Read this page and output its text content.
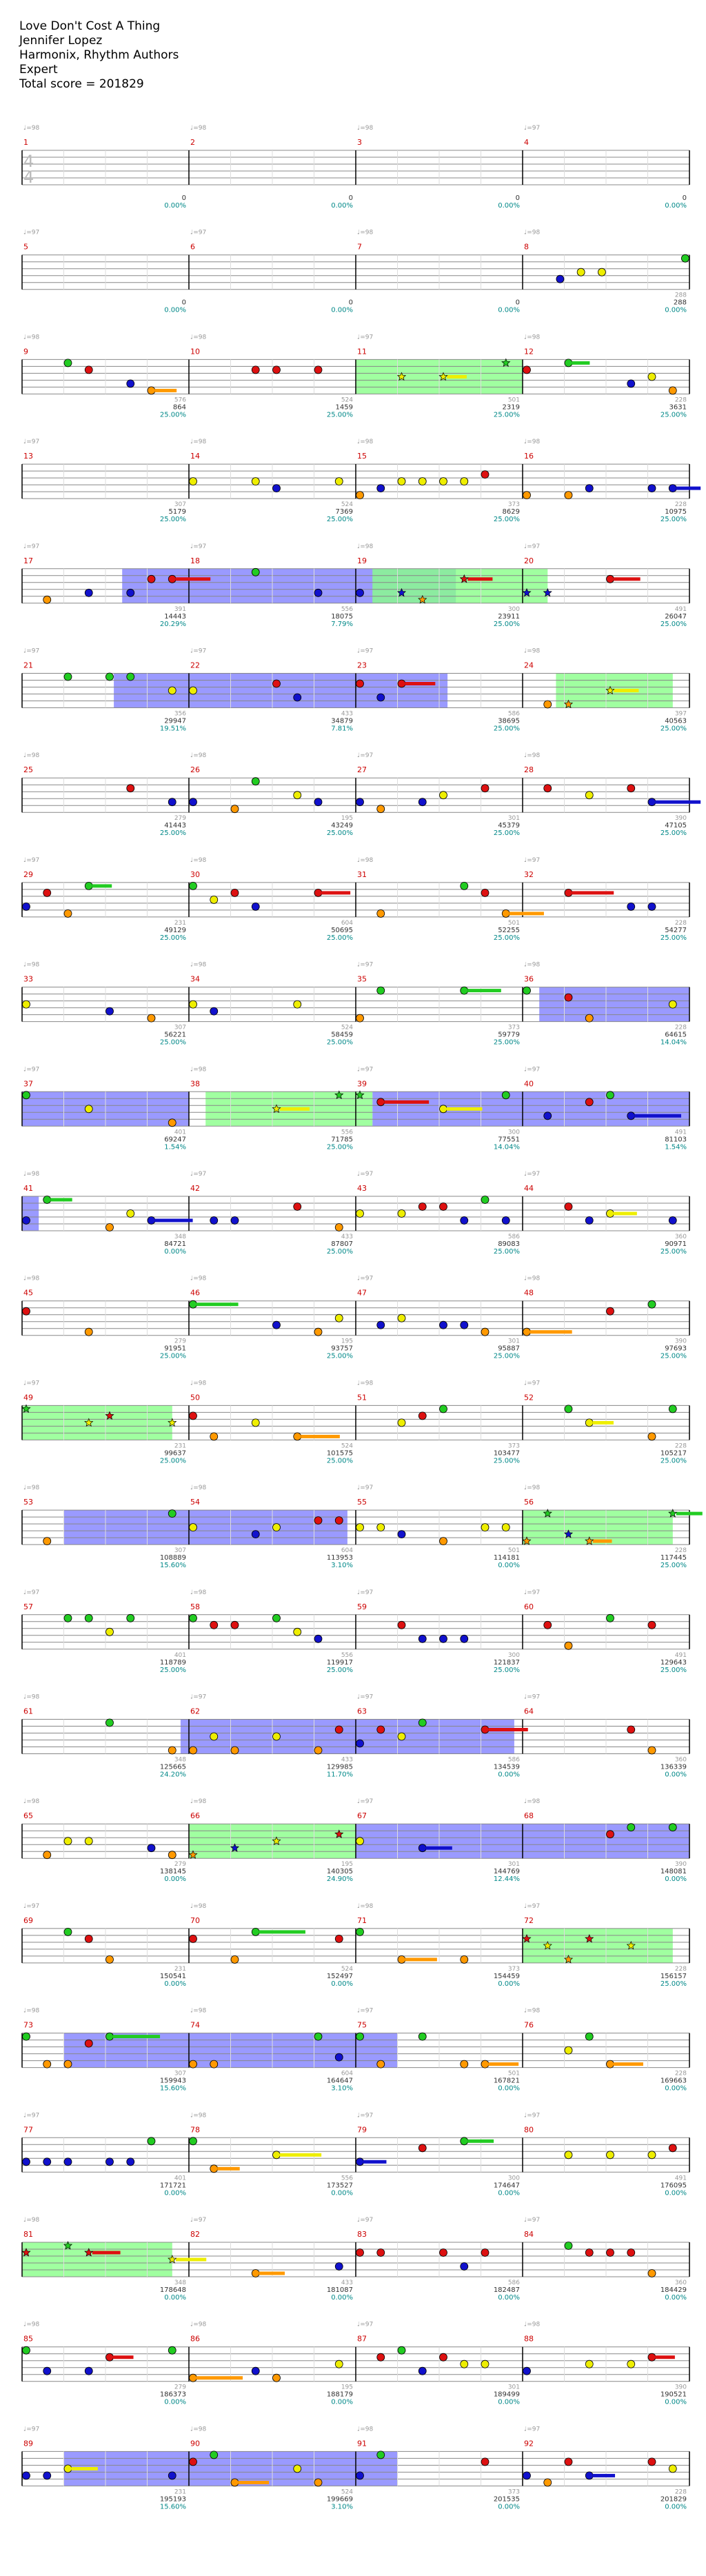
Love Don't Cost A Thing
Jennifer Lopez
Harmonix, Rhythm Authors
Expert
Total score = 201829
1
♩=98
0
0.00%
2
♩=98
0
0.00%
3
♩=98
0
0.00%
4
♩=97
0
0.00%
4
4
5
♩=97
0
0.00%
6
♩=97
0
0.00%
7
♩=98
0
0.00%
8
♩=98
288
288
0.00%
9
♩=98
576
864
25.00%
10
♩=98
524
1459
25.00%
11
♩=97
501
2319
25.00%
12
♩=98
228
3631
25.00%
13
♩=97
307
5179
25.00%
14
♩=98
524
7369
25.00%
15
♩=98
373
8629
25.00%
16
♩=98
228
10975
25.00%
17
♩=97
391
14443
20.29%
18
♩=97
556
18075
7.79%
19
♩=98
300
23911
25.00%
20
♩=97
491
26047
25.00%
21
♩=97
356
29947
19.51%
22
♩=97
433
34879
7.81%
23
♩=97
586
38695
25.00%
24
♩=98
397
40563
25.00%
25
♩=98
279
41443
25.00%
26
♩=98
195
43249
25.00%
27
♩=97
301
45379
25.00%
28
♩=98
390
47105
25.00%
29
♩=97
231
49129
25.00%
30
♩=98
604
50695
25.00%
31
♩=98
501
52255
25.00%
32
♩=97
228
54277
25.00%
33
♩=98
307
56221
25.00%
34
♩=98
524
58459
25.00%
35
♩=97
373
59779
25.00%
36
♩=98
228
64615
14.04%
37
♩=97
401
69247
1.54%
38
♩=98
556
71785
25.00%
39
♩=97
300
77551
14.04%
40
♩=97
491
81103
1.54%
41
♩=98
348
84721
0.00%
42
♩=97
433
87807
25.00%
43
♩=97
586
89083
25.00%
44
♩=97
360
90971
25.00%
45
♩=98
279
91951
25.00%
46
♩=98
195
93757
25.00%
47
♩=97
301
95887
25.00%
48
♩=98
390
97693
25.00%
49
♩=97
231
99637
25.00%
50
♩=98
524
101575
25.00%
51
♩=98
373
103477
25.00%
52
♩=97
228
105217
25.00%
53
♩=98
307
108889
15.60%
54
♩=98
604
113953
3.10%
55
♩=97
501
114181
0.00%
56
♩=98
228
117445
25.00%
57
♩=97
401
118789
25.00%
58
♩=98
556
119917
25.00%
59
♩=97
300
121837
25.00%
60
♩=97
491
129643
25.00%
61
♩=98
348
125665
24.20%
62
♩=97
433
129985
11.70%
63
♩=97
586
134539
0.00%
64
♩=97
360
136339
0.00%
65
♩=98
279
138145
0.00%
66
♩=98
195
140305
24.90%
67
♩=97
301
144769
12.44%
68
♩=98
390
148081
0.00%
69
♩=97
231
150541
0.00%
70
♩=98
524
152497
0.00%
71
♩=98
373
154459
0.00%
72
♩=97
228
156157
25.00%
73
♩=98
307
159943
15.60%
74
♩=98
604
164647
3.10%
75
♩=97
501
167821
0.00%
76
♩=98
228
169663
0.00%
77
♩=97
401
171721
0.00%
78
♩=98
556
173527
0.00%
79
♩=97
300
174647
0.00%
80
♩=97
491
176095
0.00%
81
♩=98
348
178648
0.00%
82
♩=97
433
181087
0.00%
83
♩=97
586
182487
0.00%
84
♩=97
360
184429
0.00%
85
♩=98
279
186373
0.00%
86
♩=98
195
188179
0.00%
87
♩=97
301
189499
0.00%
88
♩=98
390
190521
0.00%
89
♩=97
231
195193
15.60%
90
♩=98
524
199669
3.10%
91
♩=98
373
201535
0.00%
92
♩=97
228
201829
0.00%
